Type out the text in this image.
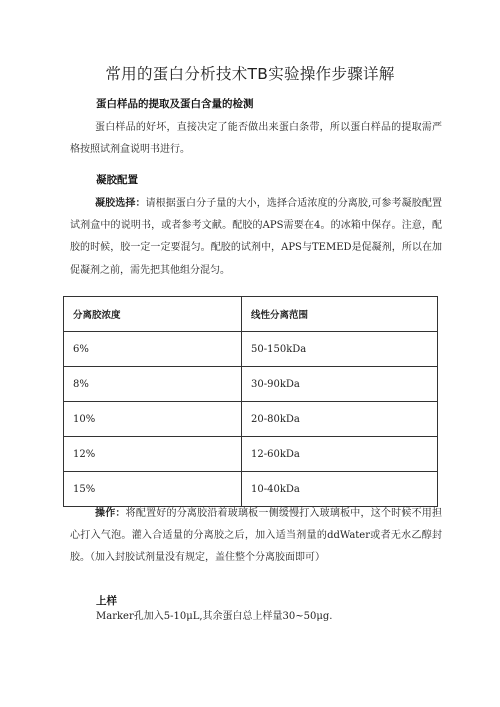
常用的蛋白分析技术TB实验操作步骤详解
蛋白样品的提取及蛋白含量的检测
蛋白样品的好坏，直接决定了能否做出来蛋白条带，所以蛋白样品的提取需严格按照试剂盒说明书进行。
凝胶配置
凝胶选择：请根据蛋白分子量的大小，选择合适浓度的分离胶,可参考凝胶配置试剂盒中的说明书，或者参考文献。配胶的APS需要在4。的冰箱中保存。注意，配胶的时候，胶一定一定要混匀。配胶的试剂中，APS与TEMED是促凝剂，所以在加促凝剂之前，需先把其他组分混匀。
分离胶浓度	线性分离范围
6%	50-150kDa
8%	30-90kDa
10%	20-80kDa
12%	12-60kDa
15%	10-40kDa
操作：将配置好的分离胶沿着玻璃板一侧缓慢打入玻璃板中，这个时候不用担心打入气泡。灌入合适量的分离胶之后，加入适当剂量的ddWater或者无水乙醇封胶。（加入封胶试剂量没有规定，盖住整个分离胶面即可）
上样
Marker孔加入5-10μL,其余蛋白总上样量30~50μg.
